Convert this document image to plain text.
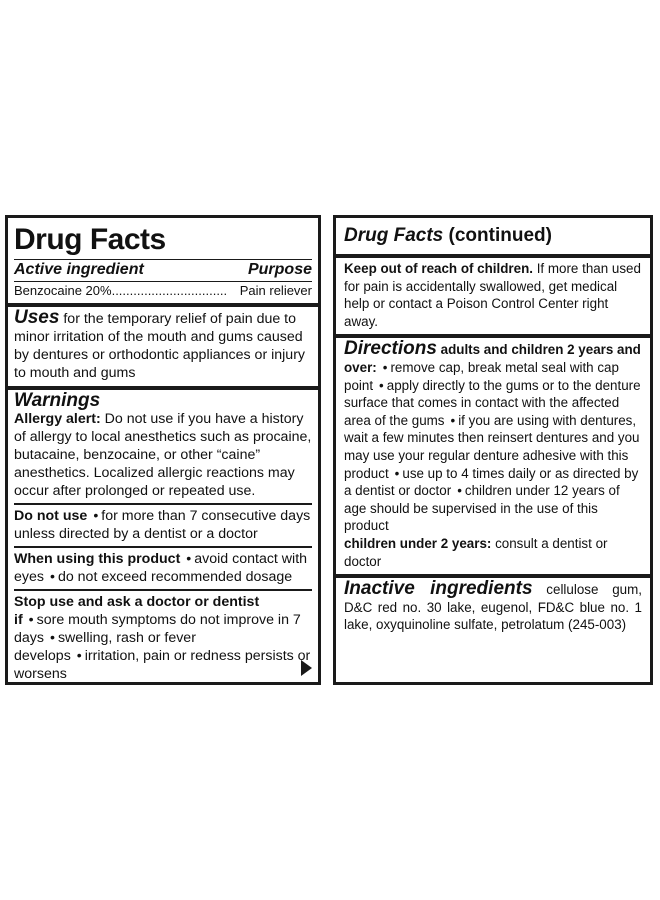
Drug Facts
Active ingredient	Purpose
Benzocaine 20% ................................ Pain reliever
Uses for the temporary relief of pain due to minor irritation of the mouth and gums caused by dentures or orthodontic appliances or injury to mouth and gums
Warnings
Allergy alert: Do not use if you have a history of allergy to local anesthetics such as procaine, butacaine, benzocaine, or other “caine” anesthetics. Localized allergic reactions may occur after prolonged or repeated use.
Do not use • for more than 7 consecutive days unless directed by a dentist or a doctor
When using this product • avoid contact with eyes • do not exceed recommended dosage
Stop use and ask a doctor or dentist if • sore mouth symptoms do not improve in 7 days • swelling, rash or fever develops • irritation, pain or redness persists or worsens
Drug Facts (continued)
Keep out of reach of children. If more than used for pain is accidentally swallowed, get medical help or contact a Poison Control Center right away.
Directions adults and children 2 years and over: • remove cap, break metal seal with cap point • apply directly to the gums or to the denture surface that comes in contact with the affected area of the gums • if you are using with dentures, wait a few minutes then reinsert dentures and you may use your regular denture adhesive with this product • use up to 4 times daily or as directed by a dentist or doctor • children under 12 years of age should be supervised in the use of this product
children under 2 years: consult a dentist or doctor
Inactive ingredients cellulose gum, D&C red no. 30 lake, eugenol, FD&C blue no. 1 lake, oxyquinoline sulfate, petrolatum (245-003)
